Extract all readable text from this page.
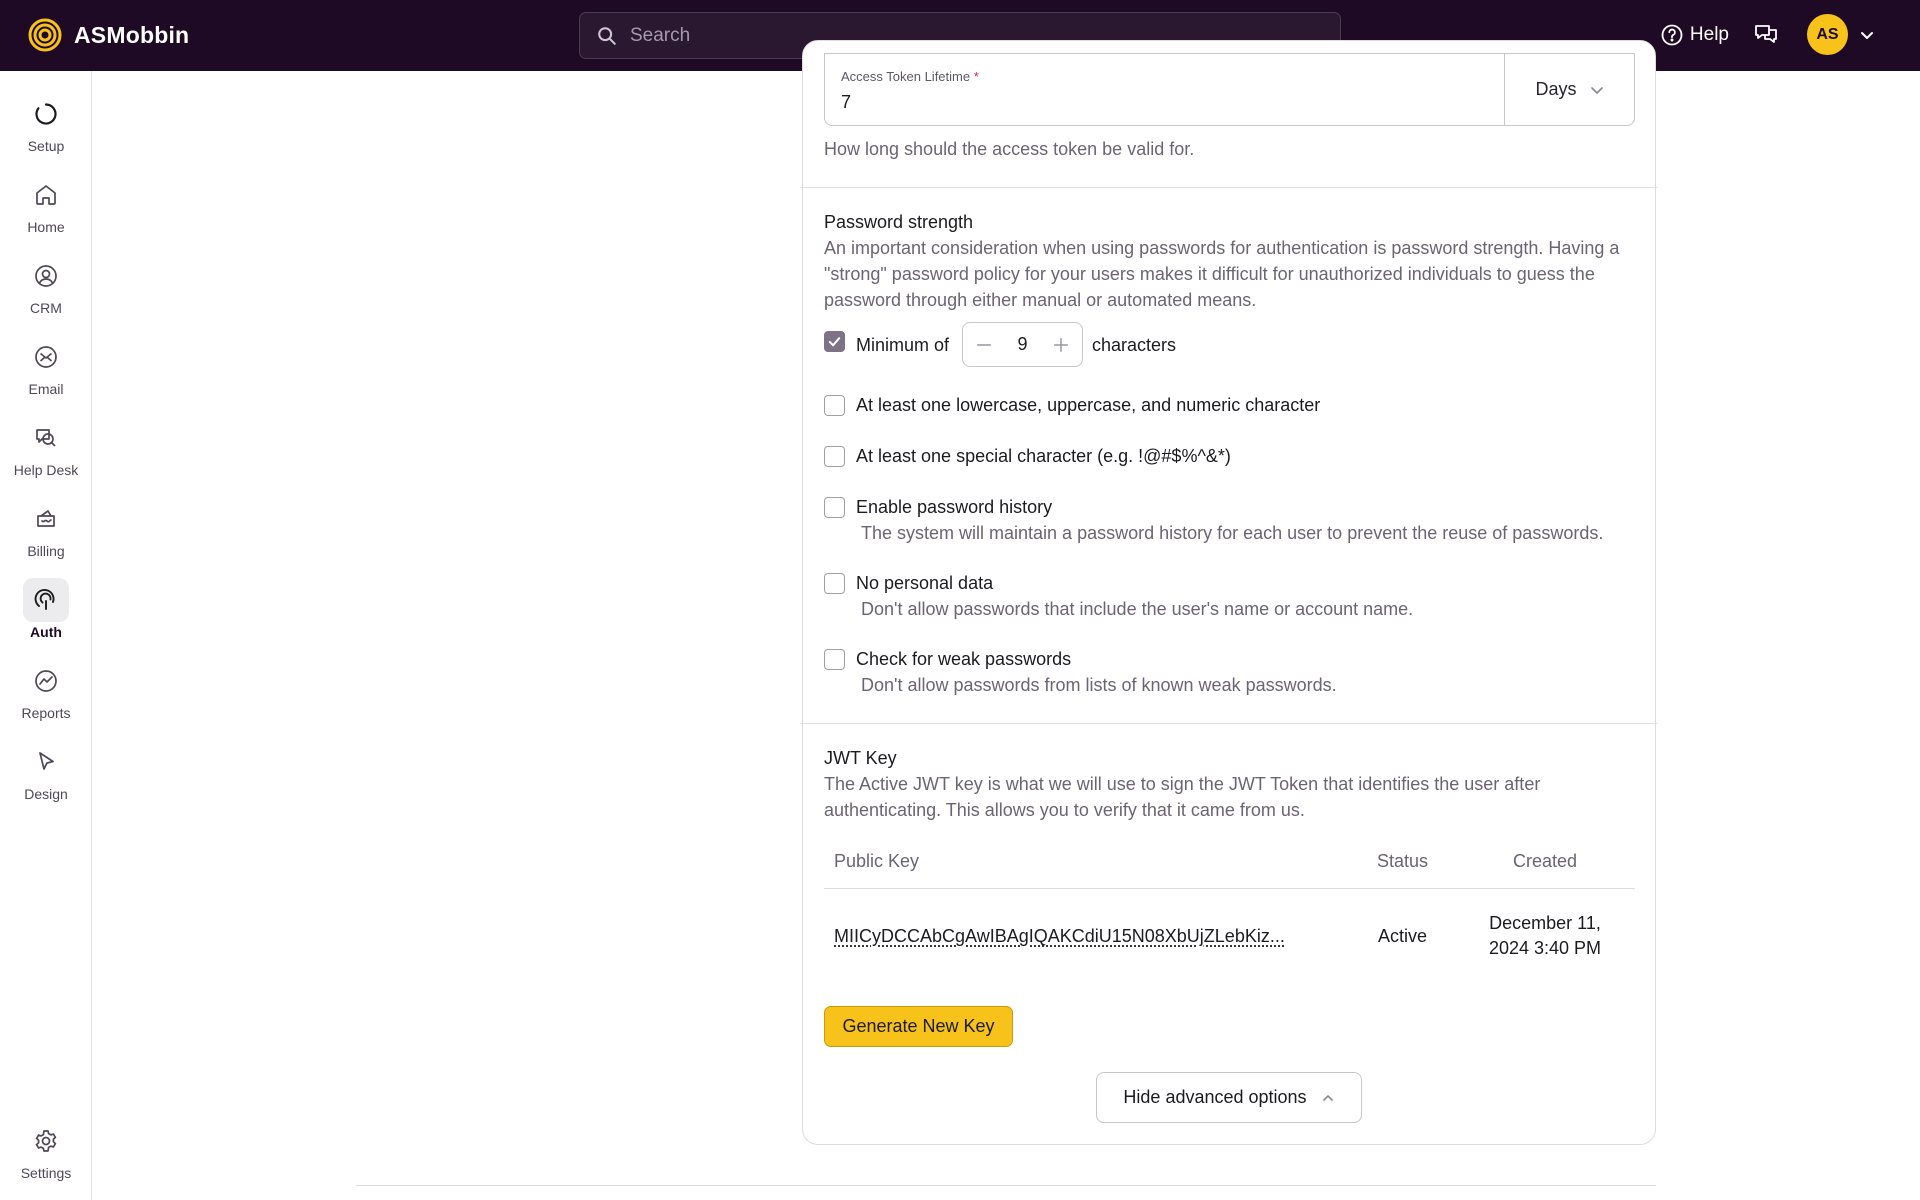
ASMobbin
Search	Help	AS
Setup
Home
CRM
Email
Help Desk
Billing
Auth
Reports
Design
Settings
Access Token Lifetime *
7
Days
How long should the access token be valid for.
Password strength

An important consideration when using passwords for authentication is password strength. Having a "strong" password policy for your users makes it difficult for unauthorized individuals to guess the password through either manual or automated means.

Minimum of	9	characters
At least one lowercase, uppercase, and numeric character
At least one special character (e.g. !@#$%^&*)
Enable password history
The system will maintain a password history for each user to prevent the reuse of passwords.
No personal data
Don't allow passwords that include the user's name or account name.
Check for weak passwords
Don't allow passwords from lists of known weak passwords.
JWT Key

The Active JWT key is what we will use to sign the JWT Token that identifies the user after authenticating. This allows you to verify that it came from us.

Public Key	Status	Created
MIICyDCCAbCgAwIBAgIQAKCdiU15N08XbUjZLebKiz...	Active	December 11,
2024 3:40 PM
Generate New Key
Hide advanced options
